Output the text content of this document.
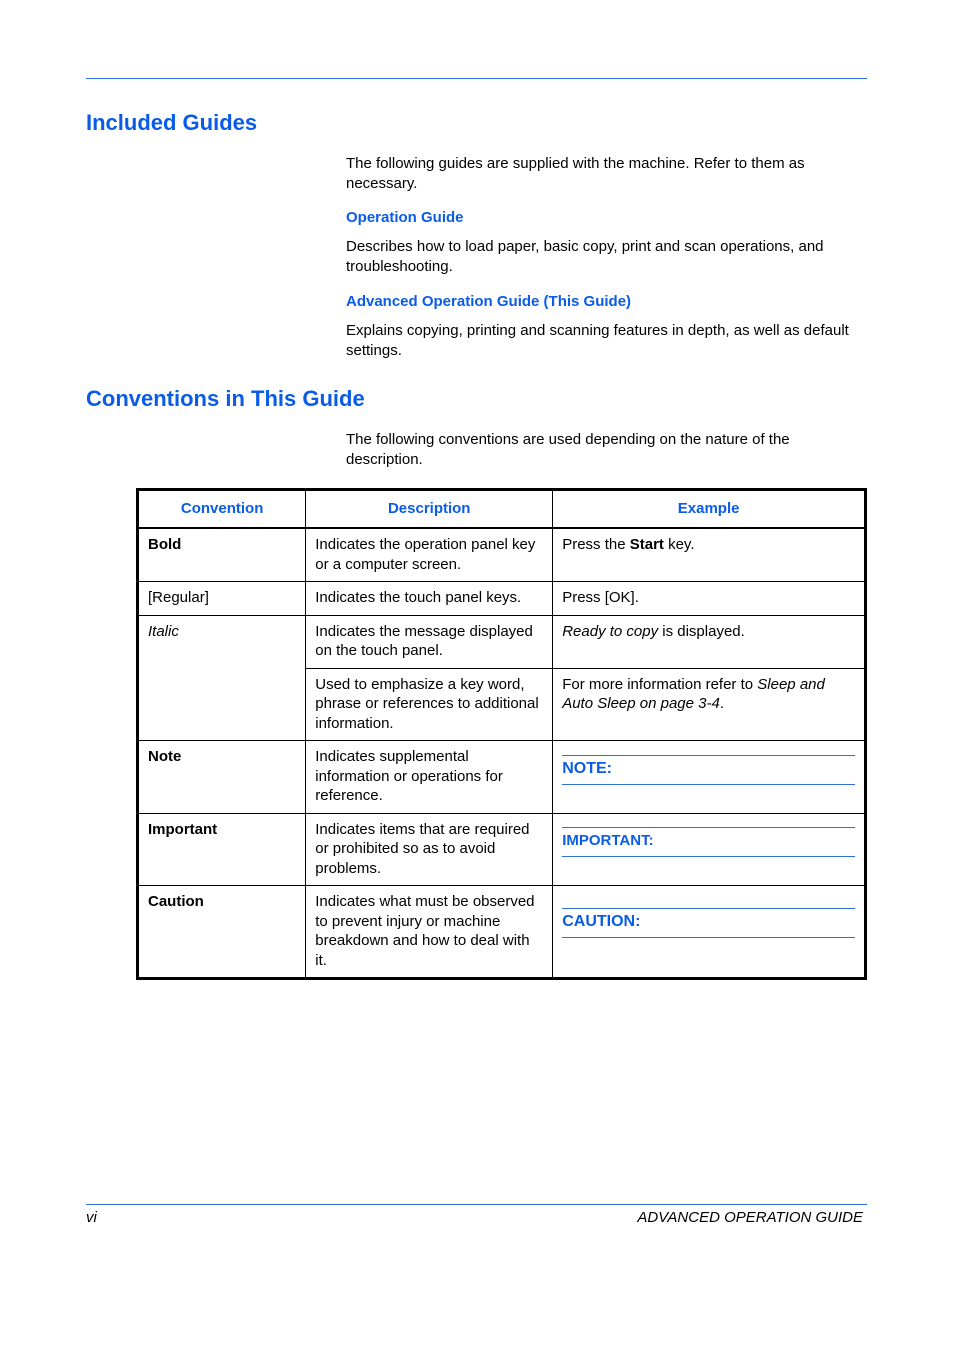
Included Guides

The following guides are supplied with the machine. Refer to them as necessary.

Operation Guide

Describes how to load paper, basic copy, print and scan operations, and troubleshooting.

Advanced Operation Guide (This Guide)

Explains copying, printing and scanning features in depth, as well as default settings.

Conventions in This Guide

The following conventions are used depending on the nature of the description.

Convention	Description	Example
Bold	Indicates the operation panel key or a computer screen.	Press the Start key.
[Regular]	Indicates the touch panel keys.	Press [OK].
Italic	Indicates the message displayed on the touch panel.	Ready to copy is displayed.
	Used to emphasize a key word, phrase or references to additional information.	For more information refer to Sleep and Auto Sleep on page 3-4.
Note	Indicates supplemental information or operations for reference.	NOTE:

Important	Indicates items that are required or prohibited so as to avoid problems.	IMPORTANT:

Caution	Indicates what must be observed to prevent injury or machine breakdown and how to deal with it.	CAUTION:
vi	ADVANCED OPERATION GUIDE
